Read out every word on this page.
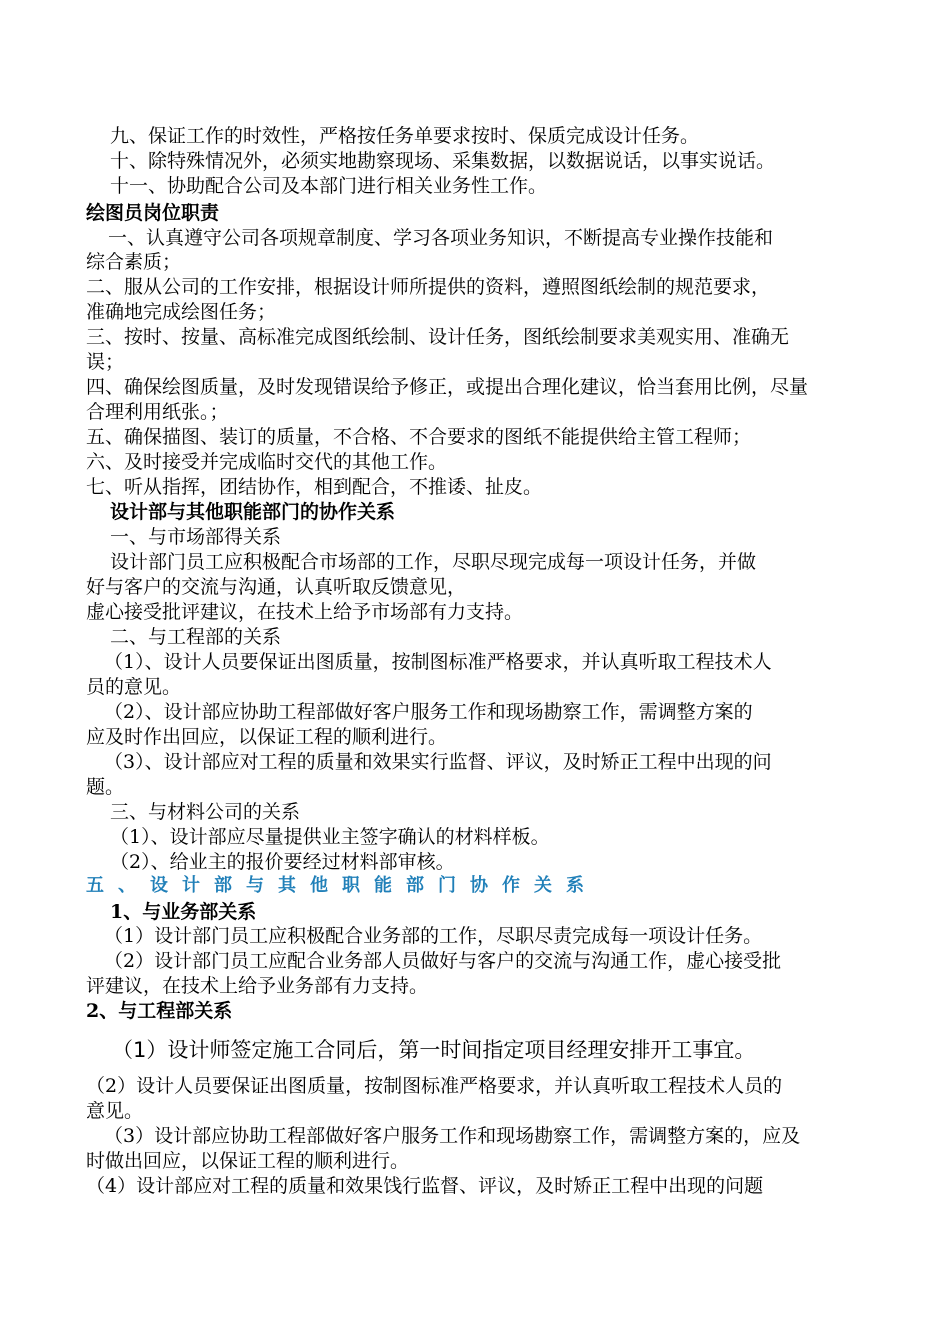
九、保证工作的时效性，严格按任务单要求按时、保质完成设计任务。
十、除特殊情况外，必须实地勘察现场、采集数据，以数据说话，以事实说话。
十一、协助配合公司及本部门进行相关业务性工作。
绘图员岗位职责
一、认真遵守公司各项规章制度、学习各项业务知识，不断提高专业操作技能和
综合素质；
二、服从公司的工作安排，根据设计师所提供的资料，遵照图纸绘制的规范要求，
准确地完成绘图任务；
三、按时、按量、高标准完成图纸绘制、设计任务，图纸绘制要求美观实用、准确无
误；
四、确保绘图质量，及时发现错误给予修正，或提出合理化建议，恰当套用比例，尽量
合理利用纸张。；
五、确保描图、装订的质量，不合格、不合要求的图纸不能提供给主管工程师；
六、及时接受并完成临时交代的其他工作。
七、听从指挥，团结协作，相到配合，不推诿、扯皮。
设计部与其他职能部门的协作关系
一、与市场部得关系
设计部门员工应积极配合市场部的工作，尽职尽现完成每一项设计任务，并做
好与客户的交流与沟通，认真听取反馈意见，
虚心接受批评建议，在技术上给予市场部有力支持。
二、与工程部的关系
（1）、设计人员要保证出图质量，按制图标准严格要求，并认真听取工程技术人
员的意见。
（2）、设计部应协助工程部做好客户服务工作和现场勘察工作，需调整方案的
应及时作出回应，以保证工程的顺利进行。
（3）、设计部应对工程的质量和效果实行监督、评议，及时矫正工程中出现的问
题。
三、与材料公司的关系
（1）、设计部应尽量提供业主签字确认的材料样板。
（2）、给业主的报价要经过材料部审核。
五、设计部与其他职能部门协作关系
1、与业务部关系
（1）设计部门员工应积极配合业务部的工作，尽职尽责完成每一项设计任务。
（2）设计部门员工应配合业务部人员做好与客户的交流与沟通工作，虚心接受批
评建议，在技术上给予业务部有力支持。
2、与工程部关系
（1）设计师签定施工合同后，第一时间指定项目经理安排开工事宜。
（2）设计人员要保证出图质量，按制图标准严格要求，并认真听取工程技术人员的
意见。
（3）设计部应协助工程部做好客户服务工作和现场勘察工作，需调整方案的，应及
时做出回应，以保证工程的顺利进行。
（4）设计部应对工程的质量和效果饯行监督、评议，及时矫正工程中出现的问题
